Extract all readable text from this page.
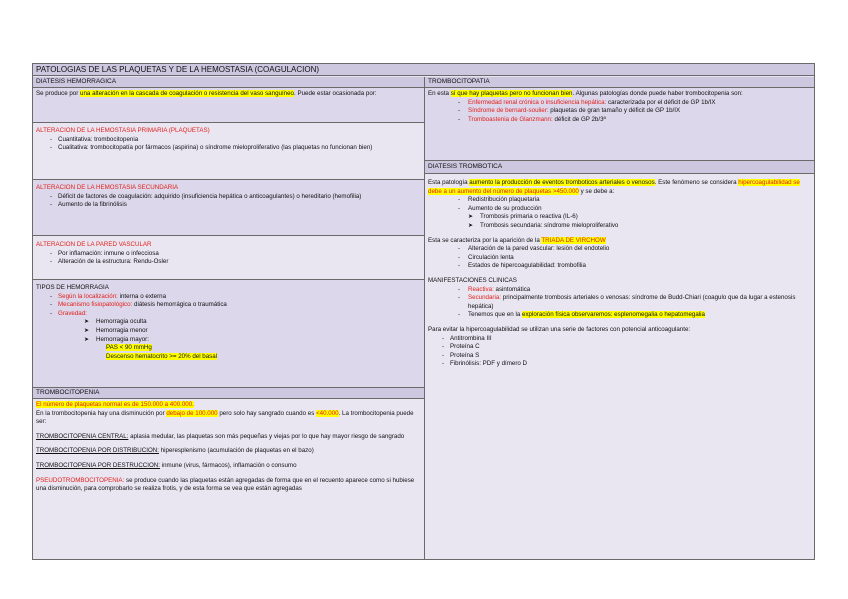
PATOLOGIAS DE LAS PLAQUETAS Y DE LA HEMOSTASIA (COAGULACION)
DIATESIS HEMORRAGICA

Se produce por una alteración en la cascada de coagulación o resistencia del vaso sanguíneo. Puede estar ocasionada por:

ALTERACION DE LA HEMOSTASIA PRIMARIA (PLAQUETAS)

- Cuantitativa: trombocitopenia
- Cualitativa: trombocitopatía por fármacos (aspirina) o síndrome mieloproliferativo (las plaquetas no funcionan bien)

ALTERACION DE LA HEMOSTASIA SECUNDARIA

- Déficit de factores de coagulación: adquirido (insuficiencia hepática o anticoagulantes) o hereditario (hemofilia)
- Aumento de la fibrinólisis

ALTERACION DE LA PARED VASCULAR

- Por inflamación: inmune o infecciosa
- Alteración de la estructura: Rendu-Osler

TIPOS DE HEMORRAGIA

- Según la localización: interna o externa
- Mecanismo fisiopatológico: diátesis hemorrágica o traumática
- Gravedad:
➤ Hemorragia oculta
➤ Hemorragia menor
➤ Hemorragia mayor:
PAS < 90 mmHg
Descenso hematocrito >= 20% del basal
TROMBOCITOPENIA

El número de plaquetas normal es de 150.000 a 400.000.

En la trombocitopenia hay una disminución por debajo de 100.000 pero solo hay sangrado cuando es <40.000. La trombocitopenia puede ser:

TROMBOCITOPENIA CENTRAL: aplasia medular, las plaquetas son más pequeñas y viejas por lo que hay mayor riesgo de sangrado

TROMBOCITOPENIA POR DISTRIBUCION: hiperesplenismo (acumulación de plaquetas en el bazo)

TROMBOCITOPENIA POR DESTRUCCION: inmune (virus, fármacos), inflamación o consumo

PSEUDOTROMBOCITOPENIA: se produce cuando las plaquetas están agregadas de forma que en el recuento aparece como si hubiese una disminución, para comprobarlo se realiza frotis, y de esta forma se vea que están agregadas

TROMBOCITOPATIA

En esta sí que hay plaquetas pero no funcionan bien. Algunas patologías donde puede haber trombocitopenia son:

- Enfermedad renal crónica o insuficiencia hepática: caracterizada por el déficit de GP 1b/IX
- Síndrome de bernard-soulier: plaquetas de gran tamaño y déficit de GP 1b/IX
- Tromboastenia de Glanzmann: déficit de GP 2b/3ª
DIATESIS TROMBOTICA

Esta patología aumento la producción de eventos tromboticos arteriales o venosos. Este fenómeno se considera hipercoagulabilidad se debe a un aumento del número de plaquetas >450.000 y se debe a:

- Redistribución plaquetaria
- Aumento de su producción
➤ Trombosis primaria o reactiva (IL-6)
➤ Trombosis secundaria: síndrome mieloproliferativo

Esta se caracteriza por la aparición de la TRIADA DE VIRCHOW

- Alteración de la pared vascular: lesión del endotelio
- Circulación lenta
- Estados de hipercoagulabilidad: trombofilia

MANIFESTACIONES CLINICAS

- Reactiva: asintomática
- Secundaria: principalmente trombosis arteriales o venosas: síndrome de Budd-Chiari (coagulo que da lugar a estenosis hepática)
- Tenemos que en la exploración física observaremos: esplenomegalia o hepatomegalia

Para evitar la hipercoagulabilidad se utilizan una serie de factores con potencial anticoagulante:

- Antitrombina III
- Proteína C
- Proteína S
- Fibrinólisis: PDF y dímero D
